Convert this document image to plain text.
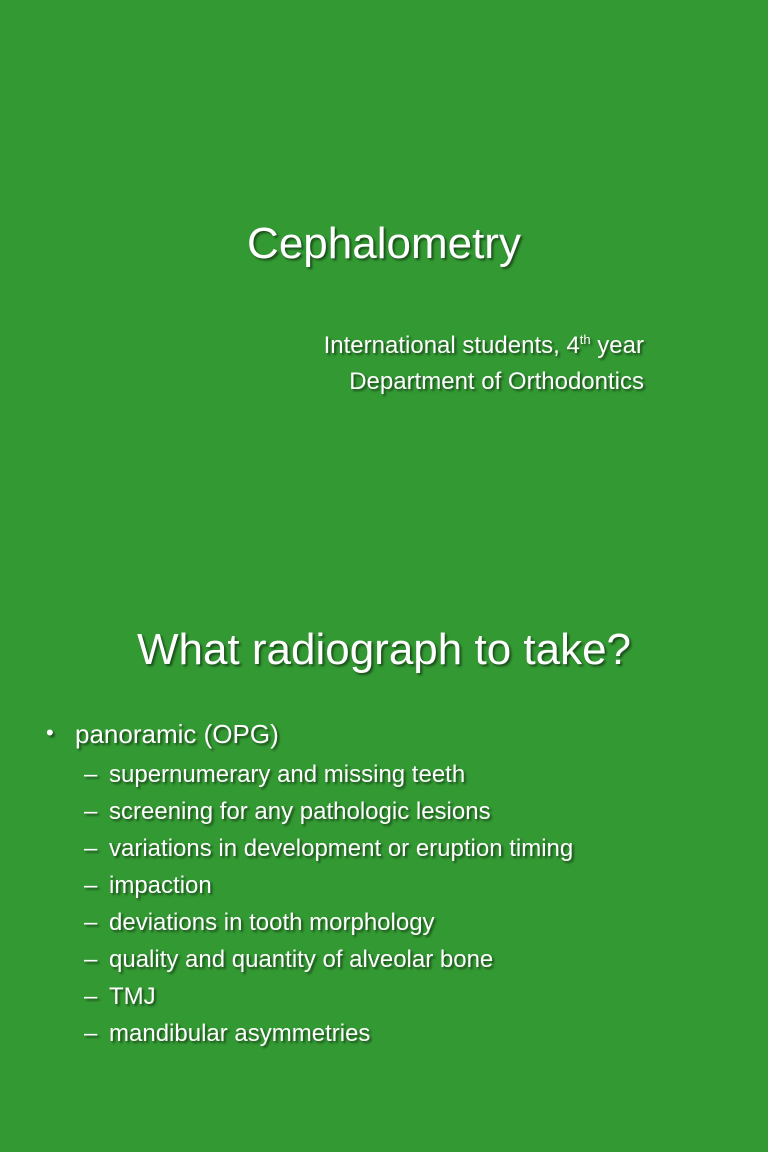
Cephalometry
International students, 4th year
Department of Orthodontics
What radiograph to take?
• panoramic (OPG)
– supernumerary and missing teeth
– screening for any pathologic lesions
– variations in development or eruption timing
– impaction
– deviations in tooth morphology
– quality and quantity of alveolar bone
– TMJ
– mandibular asymmetries
